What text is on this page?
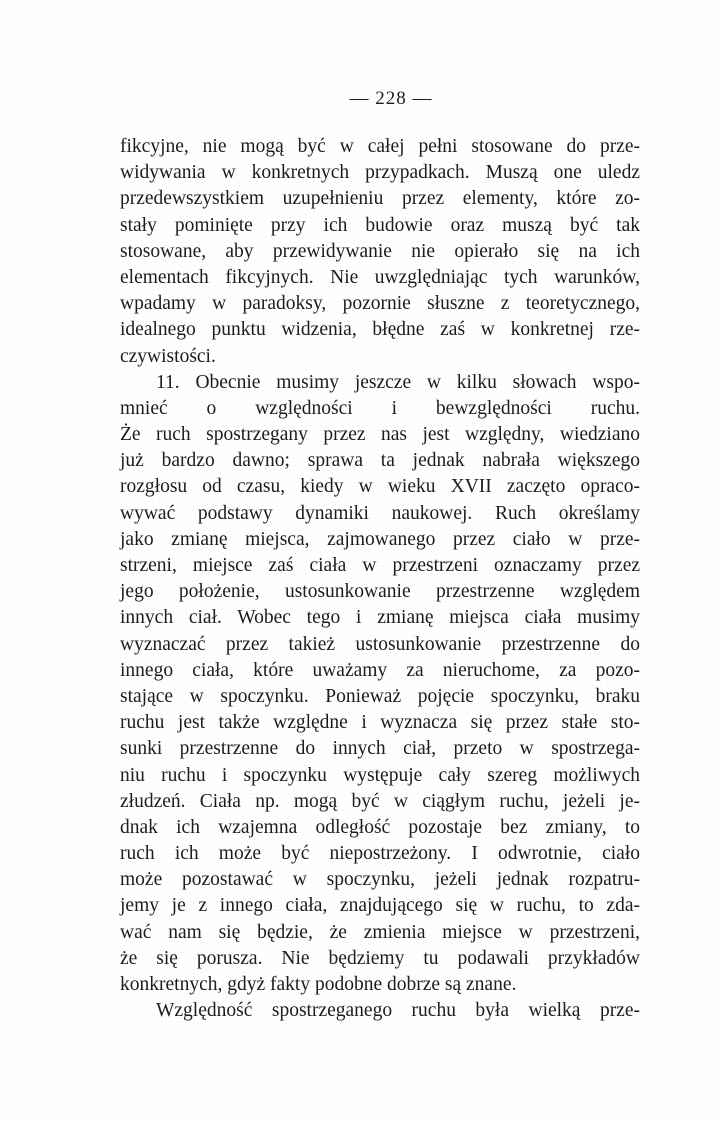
— 228 —
fikcyjne, nie mogą być w całej pełni stosowane do prze-
widywania w konkretnych przypadkach. Muszą one uledz
przedewszystkiem uzupełnieniu przez elementy, które zo-
stały pominięte przy ich budowie oraz muszą być tak
stosowane, aby przewidywanie nie opierało się na ich
elementach fikcyjnych. Nie uwzględniając tych warunków,
wpadamy w paradoksy, pozornie słuszne z teoretycznego,
idealnego punktu widzenia, błędne zaś w konkretnej rze-
czywistości.
11. Obecnie musimy jeszcze w kilku słowach wspo-
mnieć o względności i bewzględności ruchu.
Że ruch spostrzegany przez nas jest względny, wiedziano
już bardzo dawno; sprawa ta jednak nabrała większego
rozgłosu od czasu, kiedy w wieku XVII zaczęto opraco-
wywać podstawy dynamiki naukowej. Ruch określamy
jako zmianę miejsca, zajmowanego przez ciało w prze-
strzeni, miejsce zaś ciała w przestrzeni oznaczamy przez
jego położenie, ustosunkowanie przestrzenne względem
innych ciał. Wobec tego i zmianę miejsca ciała musimy
wyznaczać przez takież ustosunkowanie przestrzenne do
innego ciała, które uważamy za nieruchome, za pozo-
stające w spoczynku. Ponieważ pojęcie spoczynku, braku
ruchu jest także względne i wyznacza się przez stałe sto-
sunki przestrzenne do innych ciał, przeto w spostrzega-
niu ruchu i spoczynku występuje cały szereg możliwych
złudzeń. Ciała np. mogą być w ciągłym ruchu, jeżeli je-
dnak ich wzajemna odległość pozostaje bez zmiany, to
ruch ich może być niepostrzeżony. I odwrotnie, ciało
może pozostawać w spoczynku, jeżeli jednak rozpatru-
jemy je z innego ciała, znajdującego się w ruchu, to zda-
wać nam się będzie, że zmienia miejsce w przestrzeni,
że się porusza. Nie będziemy tu podawali przykładów
konkretnych, gdyż fakty podobne dobrze są znane.
Względność spostrzeganego ruchu była wielką prze-
